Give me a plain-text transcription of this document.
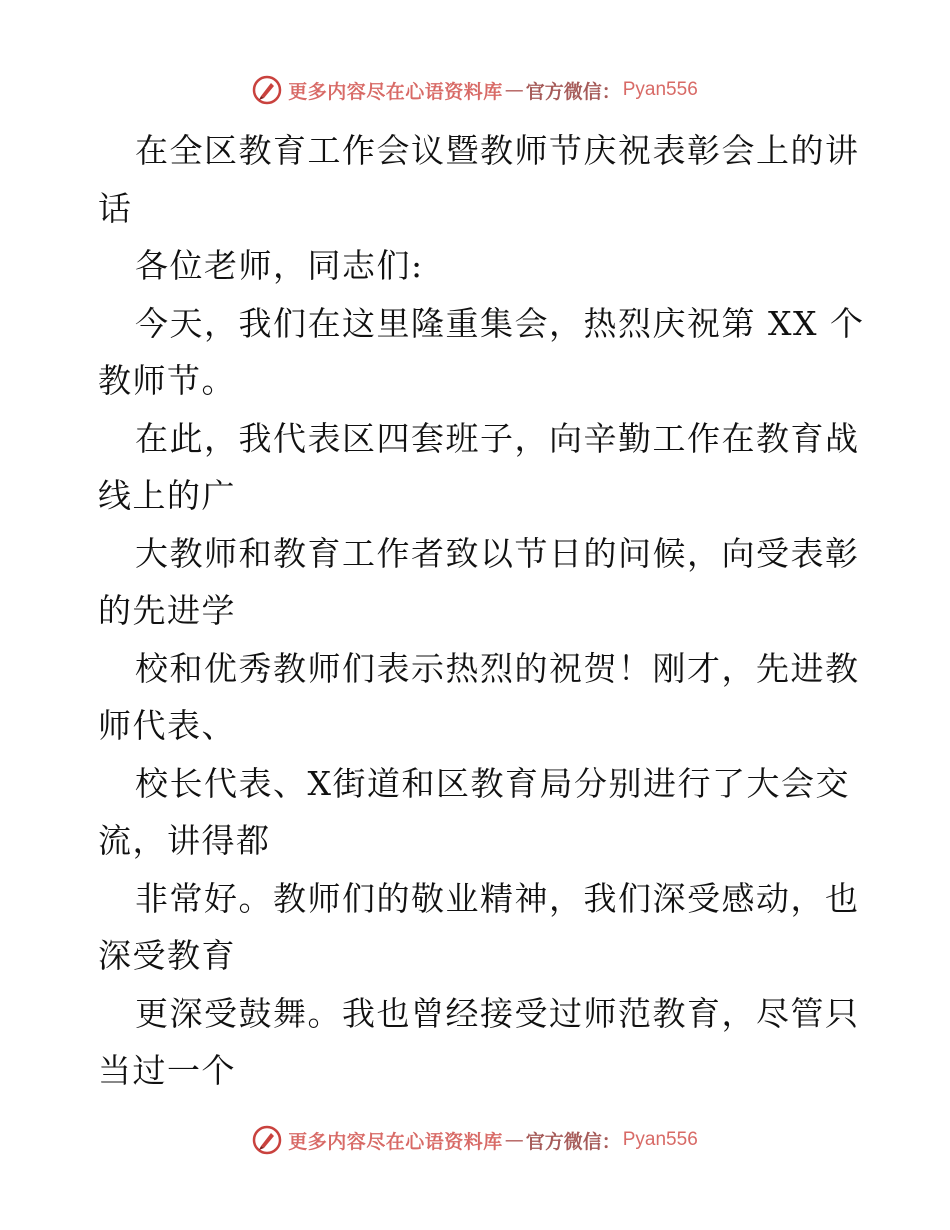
更多内容尽在心语资料库 — 官方微信： Pyan556
在全区教育工作会议暨教师节庆祝表彰会上的讲
话
各位老师，同志们:
今天，我们在这里隆重集会，热烈庆祝第 XX 个
教师节。
在此，我代表区四套班子，向辛勤工作在教育战
线上的广
大教师和教育工作者致以节日的问候，向受表彰
的先进学
校和优秀教师们表示热烈的祝贺！刚才，先进教
师代表、
校长代表、X街道和区教育局分别进行了大会交
流，讲得都
非常好。教师们的敬业精神，我们深受感动，也
深受教育
更深受鼓舞。我也曾经接受过师范教育，尽管只
当过一个
更多内容尽在心语资料库 — 官方微信： Pyan556
